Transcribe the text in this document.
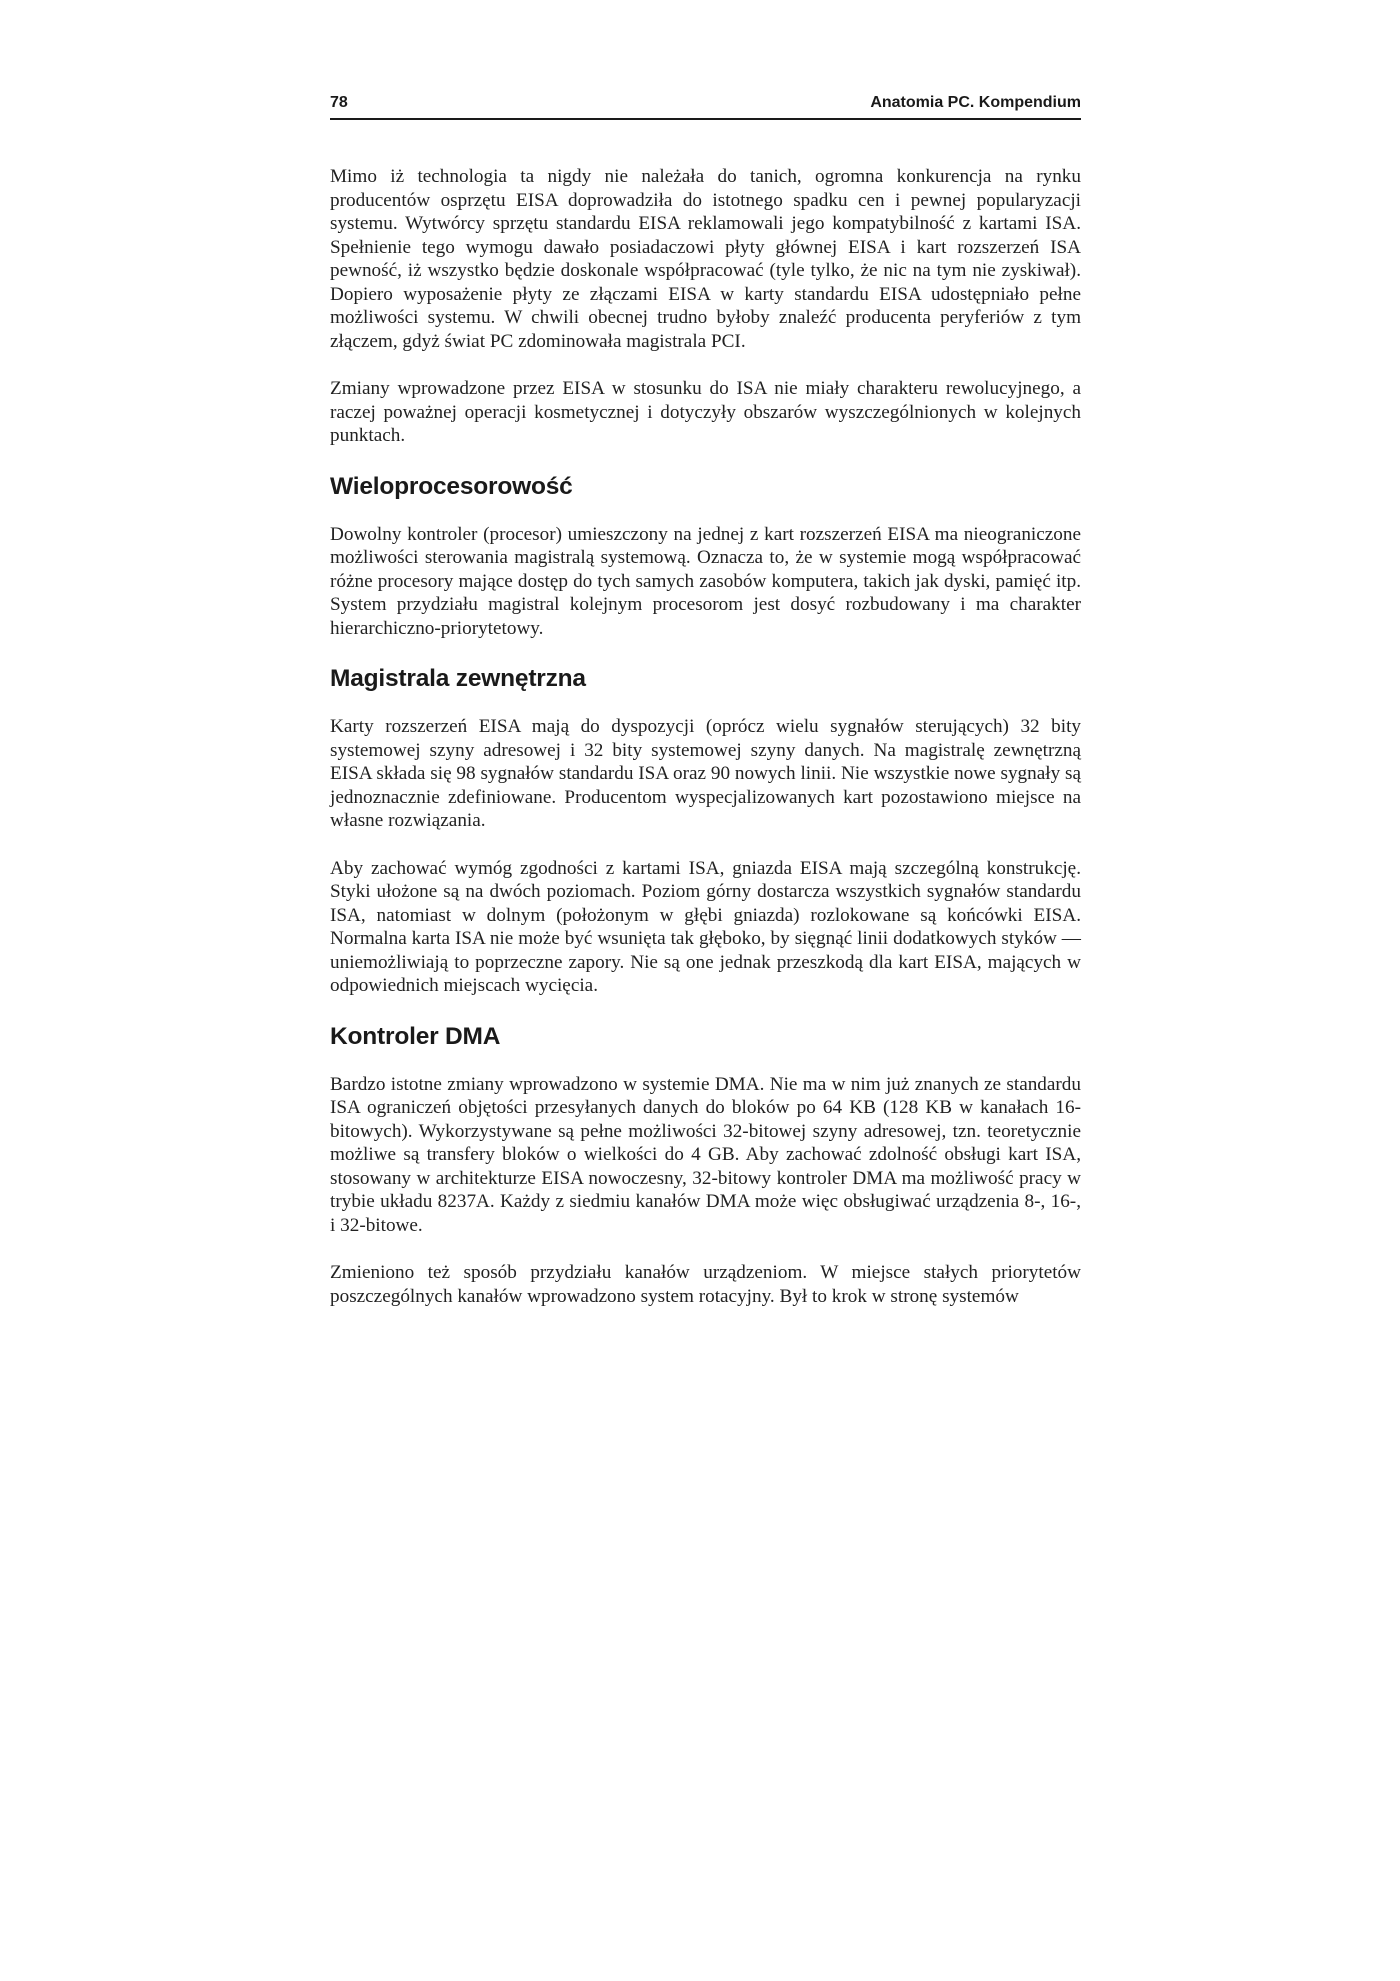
78	Anatomia PC. Kompendium

Mimo iż technologia ta nigdy nie należała do tanich, ogromna konkurencja na rynku producentów osprzętu EISA doprowadziła do istotnego spadku cen i pewnej popularyzacji systemu. Wytwórcy sprzętu standardu EISA reklamowali jego kompatybilność z kartami ISA. Spełnienie tego wymogu dawało posiadaczowi płyty głównej EISA i kart rozszerzeń ISA pewność, iż wszystko będzie doskonale współpracować (tyle tylko, że nic na tym nie zyskiwał). Dopiero wyposażenie płyty ze złączami EISA w karty standardu EISA udostępniało pełne możliwości systemu. W chwili obecnej trudno byłoby znaleźć producenta peryferiów z tym złączem, gdyż świat PC zdominowała magistrala PCI.

Zmiany wprowadzone przez EISA w stosunku do ISA nie miały charakteru rewolucyjnego, a raczej poważnej operacji kosmetycznej i dotyczyły obszarów wyszczególnionych w kolejnych punktach.

Wieloprocesorowość

Dowolny kontroler (procesor) umieszczony na jednej z kart rozszerzeń EISA ma nieograniczone możliwości sterowania magistralą systemową. Oznacza to, że w systemie mogą współpracować różne procesory mające dostęp do tych samych zasobów komputera, takich jak dyski, pamięć itp. System przydziału magistral kolejnym procesorom jest dosyć rozbudowany i ma charakter hierarchiczno-priorytetowy.

Magistrala zewnętrzna

Karty rozszerzeń EISA mają do dyspozycji (oprócz wielu sygnałów sterujących) 32 bity systemowej szyny adresowej i 32 bity systemowej szyny danych. Na magistralę zewnętrzną EISA składa się 98 sygnałów standardu ISA oraz 90 nowych linii. Nie wszystkie nowe sygnały są jednoznacznie zdefiniowane. Producentom wyspecjalizowanych kart pozostawiono miejsce na własne rozwiązania.

Aby zachować wymóg zgodności z kartami ISA, gniazda EISA mają szczególną konstrukcję. Styki ułożone są na dwóch poziomach. Poziom górny dostarcza wszystkich sygnałów standardu ISA, natomiast w dolnym (położonym w głębi gniazda) rozlokowane są końcówki EISA. Normalna karta ISA nie może być wsunięta tak głęboko, by sięgnąć linii dodatkowych styków — uniemożliwiają to poprzeczne zapory. Nie są one jednak przeszkodą dla kart EISA, mających w odpowiednich miejscach wycięcia.

Kontroler DMA

Bardzo istotne zmiany wprowadzono w systemie DMA. Nie ma w nim już znanych ze standardu ISA ograniczeń objętości przesyłanych danych do bloków po 64 KB (128 KB w kanałach 16-bitowych). Wykorzystywane są pełne możliwości 32-bitowej szyny adresowej, tzn. teoretycznie możliwe są transfery bloków o wielkości do 4 GB. Aby zachować zdolność obsługi kart ISA, stosowany w architekturze EISA nowoczesny, 32-bitowy kontroler DMA ma możliwość pracy w trybie układu 8237A. Każdy z siedmiu kanałów DMA może więc obsługiwać urządzenia 8-, 16-, i 32-bitowe.

Zmieniono też sposób przydziału kanałów urządzeniom. W miejsce stałych priorytetów poszczególnych kanałów wprowadzono system rotacyjny. Był to krok w stronę systemów
